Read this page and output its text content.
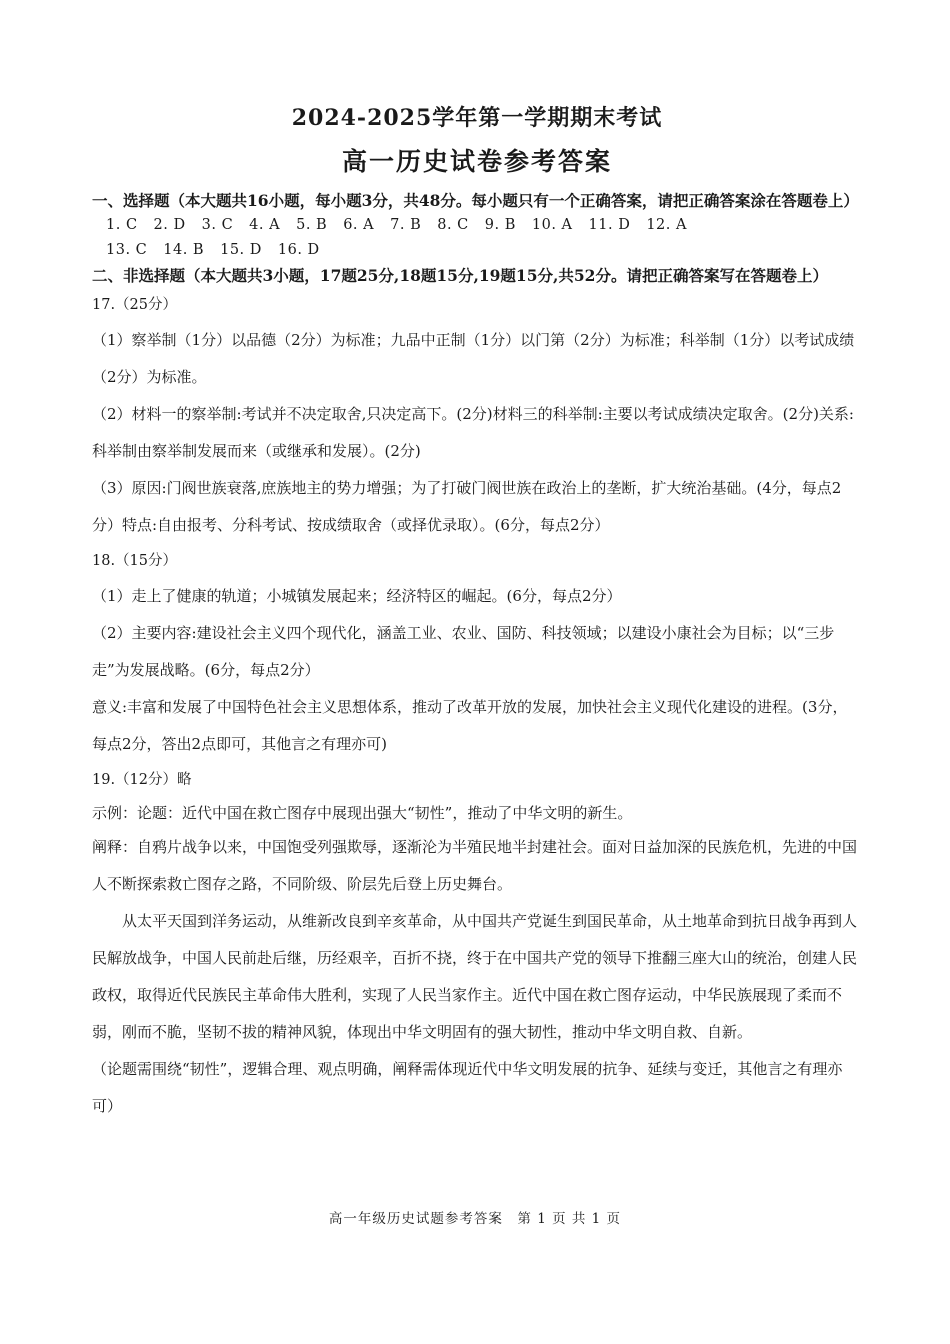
2024-2025学年第一学期期末考试
高一历史试卷参考答案

一、选择题（本大题共16小题，每小题3分，共48分。每小题只有一个正确答案，请把正确答案涂在答题卷上）

1. C 2. D 3. C 4. A 5. B 6. A 7. B 8. C 9. B 10. A 11. D 12. A

13. C 14. B 15. D 16. D

二、非选择题（本大题共3小题，17题25分,18题15分,19题15分,共52分。请把正确答案写在答题卷上）

17.（25分）

（1）察举制（1分）以品德（2分）为标准；九品中正制（1分）以门第（2分）为标准；科举制（1分）以考试成绩（2分）为标准。

（2）材料一的察举制:考试并不决定取舍,只决定高下。(2分)材料三的科举制:主要以考试成绩决定取舍。(2分)关系:科举制由察举制发展而来（或继承和发展）。(2分)

（3）原因:门阀世族衰落,庶族地主的势力增强；为了打破门阀世族在政治上的垄断，扩大统治基础。(4分，每点2分）特点:自由报考、分科考试、按成绩取舍（或择优录取）。(6分，每点2分）

18.（15分）

（1）走上了健康的轨道；小城镇发展起来；经济特区的崛起。(6分，每点2分）

（2）主要内容:建设社会主义四个现代化，涵盖工业、农业、国防、科技领域；以建设小康社会为目标；以“三步走”为发展战略。(6分，每点2分）

意义:丰富和发展了中国特色社会主义思想体系，推动了改革开放的发展，加快社会主义现代化建设的进程。(3分，每点2分，答出2点即可，其他言之有理亦可)

19.（12分）略

示例：论题：近代中国在救亡图存中展现出强大“韧性”，推动了中华文明的新生。

阐释：自鸦片战争以来，中国饱受列强欺辱，逐渐沦为半殖民地半封建社会。面对日益加深的民族危机，先进的中国人不断探索救亡图存之路，不同阶级、阶层先后登上历史舞台。

从太平天国到洋务运动，从维新改良到辛亥革命，从中国共产党诞生到国民革命，从土地革命到抗日战争再到人民解放战争，中国人民前赴后继，历经艰辛，百折不挠，终于在中国共产党的领导下推翻三座大山的统治，创建人民政权，取得近代民族民主革命伟大胜利，实现了人民当家作主。近代中国在救亡图存运动，中华民族展现了柔而不弱，刚而不脆，坚韧不拔的精神风貌，体现出中华文明固有的强大韧性，推动中华文明自救、自新。

（论题需围绕“韧性”，逻辑合理、观点明确，阐释需体现近代中华文明发展的抗争、延续与变迁，其他言之有理亦可）

高一年级历史试题参考答案　第 1 页 共 1 页
